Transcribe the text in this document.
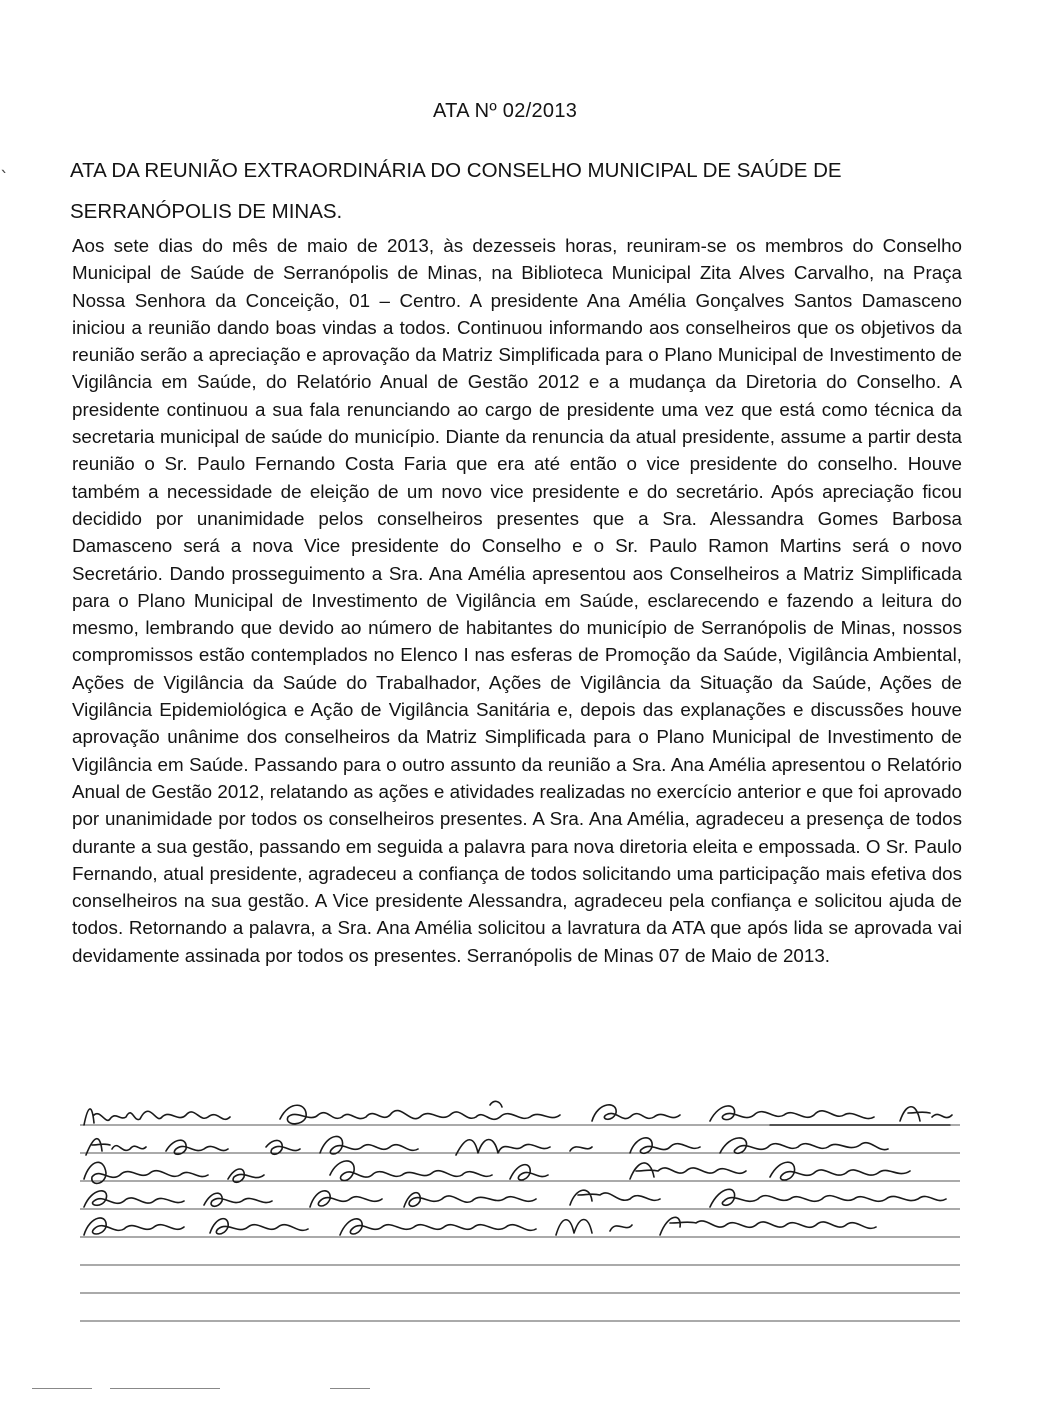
`
ATA Nº 02/2013
ATA DA REUNIÃO EXTRAORDINÁRIA DO CONSELHO MUNICIPAL DE SAÚDE DE SERRANÓPOLIS DE MINAS.

Aos sete dias do mês de maio de 2013, às dezesseis horas, reuniram-se os membros do Conselho Municipal de Saúde de Serranópolis de Minas, na Biblioteca Municipal Zita Alves Carvalho, na Praça Nossa Senhora da Conceição, 01 – Centro. A presidente Ana Amélia Gonçalves Santos Damasceno iniciou a reunião dando boas vindas a todos. Continuou informando aos conselheiros que os objetivos da reunião serão a apreciação e aprovação da Matriz Simplificada para o Plano Municipal de Investimento de Vigilância em Saúde, do Relatório Anual de Gestão 2012 e a mudança da Diretoria do Conselho. A presidente continuou a sua fala renunciando ao cargo de presidente uma vez que está como técnica da secretaria municipal de saúde do município. Diante da renuncia da atual presidente, assume a partir desta reunião o Sr. Paulo Fernando Costa Faria que era até então o vice presidente do conselho. Houve também a necessidade de eleição de um novo vice presidente e do secretário. Após apreciação ficou decidido por unanimidade pelos conselheiros presentes que a Sra. Alessandra Gomes Barbosa Damasceno será a nova Vice presidente do Conselho e o Sr. Paulo Ramon Martins será o novo Secretário. Dando prosseguimento a Sra. Ana Amélia apresentou aos Conselheiros a Matriz Simplificada para o Plano Municipal de Investimento de Vigilância em Saúde, esclarecendo e fazendo a leitura do mesmo, lembrando que devido ao número de habitantes do município de Serranópolis de Minas, nossos compromissos estão contemplados no Elenco I nas esferas de Promoção da Saúde, Vigilância Ambiental, Ações de Vigilância da Saúde do Trabalhador, Ações de Vigilância da Situação da Saúde, Ações de Vigilância Epidemiológica e Ação de Vigilância Sanitária e, depois das explanações e discussões houve aprovação unânime dos conselheiros da Matriz Simplificada para o Plano Municipal de Investimento de Vigilância em Saúde. Passando para o outro assunto da reunião a Sra. Ana Amélia apresentou o Relatório Anual de Gestão 2012, relatando as ações e atividades realizadas no exercício anterior e que foi aprovado por unanimidade por todos os conselheiros presentes. A Sra. Ana Amélia, agradeceu a presença de todos durante a sua gestão, passando em seguida a palavra para nova diretoria eleita e empossada. O Sr. Paulo Fernando, atual presidente, agradeceu a confiança de todos solicitando uma participação mais efetiva dos conselheiros na sua gestão. A Vice presidente Alessandra, agradeceu pela confiança e solicitou ajuda de todos. Retornando a palavra, a Sra. Ana Amélia solicitou a lavratura da ATA que após lida se aprovada vai devidamente assinada por todos os presentes. Serranópolis de Minas 07 de Maio de 2013.
